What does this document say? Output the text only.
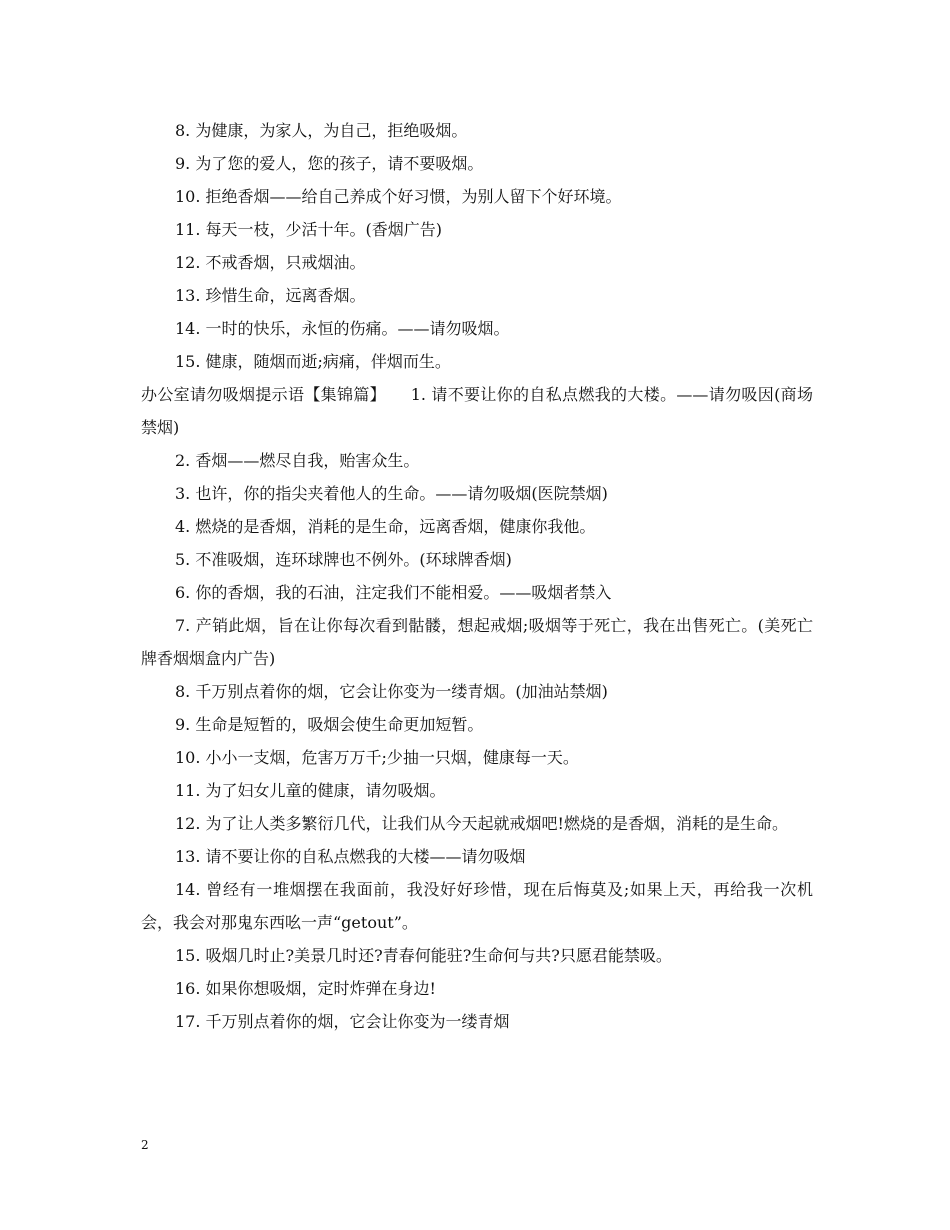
8. 为健康，为家人，为自己，拒绝吸烟。

9. 为了您的爱人，您的孩子，请不要吸烟。

10. 拒绝香烟——给自己养成个好习惯，为别人留下个好环境。

11. 每天一枝，少活十年。(香烟广告)

12. 不戒香烟，只戒烟油。

13. 珍惜生命，远离香烟。

14. 一时的快乐，永恒的伤痛。——请勿吸烟。

15. 健康，随烟而逝;病痛，伴烟而生。

办公室请勿吸烟提示语【集锦篇】　　1. 请不要让你的自私点燃我的大楼。——请勿吸因(商场禁烟)

2. 香烟——燃尽自我，贻害众生。

3. 也许，你的指尖夹着他人的生命。——请勿吸烟(医院禁烟)

4. 燃烧的是香烟，消耗的是生命，远离香烟，健康你我他。

5. 不准吸烟，连环球牌也不例外。(环球牌香烟)

6. 你的香烟，我的石油，注定我们不能相爱。——吸烟者禁入

7. 产销此烟，旨在让你每次看到骷髅，想起戒烟;吸烟等于死亡，我在出售死亡。(美死亡牌香烟烟盒内广告)

8. 千万别点着你的烟，它会让你变为一缕青烟。(加油站禁烟)

9. 生命是短暂的，吸烟会使生命更加短暂。

10. 小小一支烟，危害万万千;少抽一只烟，健康每一天。

11. 为了妇女儿童的健康，请勿吸烟。

12. 为了让人类多繁衍几代，让我们从今天起就戒烟吧!燃烧的是香烟，消耗的是生命。

13. 请不要让你的自私点燃我的大楼——请勿吸烟

14. 曾经有一堆烟摆在我面前，我没好好珍惜，现在后悔莫及;如果上天，再给我一次机会，我会对那鬼东西吆一声“getout”。

15. 吸烟几时止?美景几时还?青春何能驻?生命何与共?只愿君能禁吸。

16. 如果你想吸烟，定时炸弹在身边!

17. 千万别点着你的烟，它会让你变为一缕青烟

2
